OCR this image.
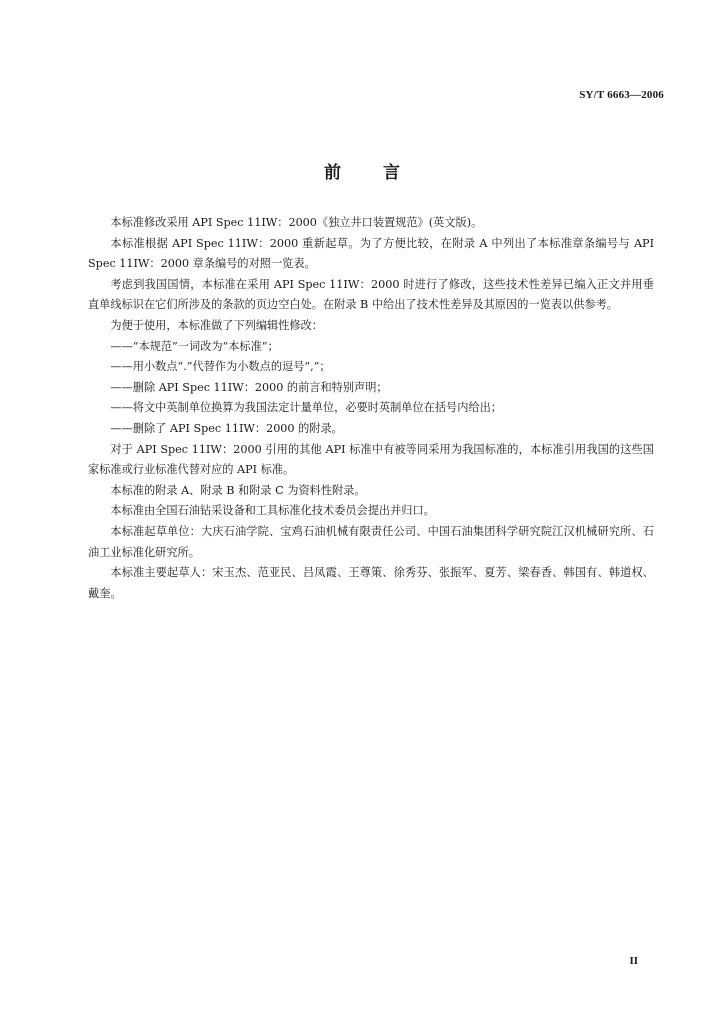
SY/T 6663—2006
前言

本标准修改采用 API Spec 11IW：2000《独立井口装置规范》(英文版)。

本标准根据 API Spec 11IW：2000 重新起草。为了方便比较，在附录 A 中列出了本标准章条编号与 API Spec 11IW：2000 章条编号的对照一览表。

考虑到我国国情，本标准在采用 API Spec 11IW：2000 时进行了修改，这些技术性差异已编入正文并用垂直单线标识在它们所涉及的条款的页边空白处。在附录 B 中给出了技术性差异及其原因的一览表以供参考。

为便于使用，本标准做了下列编辑性修改：

——“本规范”一词改为“本标准”；

——用小数点“.”代替作为小数点的逗号“,”；

——删除 API Spec 11IW：2000 的前言和特别声明；

——将文中英制单位换算为我国法定计量单位，必要时英制单位在括号内给出；

——删除了 API Spec 11IW：2000 的附录。

对于 API Spec 11IW：2000 引用的其他 API 标准中有被等同采用为我国标准的，本标准引用我国的这些国家标准或行业标准代替对应的 API 标准。

本标准的附录 A、附录 B 和附录 C 为资料性附录。

本标准由全国石油钻采设备和工具标准化技术委员会提出并归口。

本标准起草单位：大庆石油学院、宝鸡石油机械有限责任公司、中国石油集团科学研究院江汉机械研究所、石油工业标准化研究所。

本标准主要起草人：宋玉杰、范亚民、吕凤霞、王尊策、徐秀芬、张振军、夏芳、梁春香、韩国有、韩道权、戴奎。

II
